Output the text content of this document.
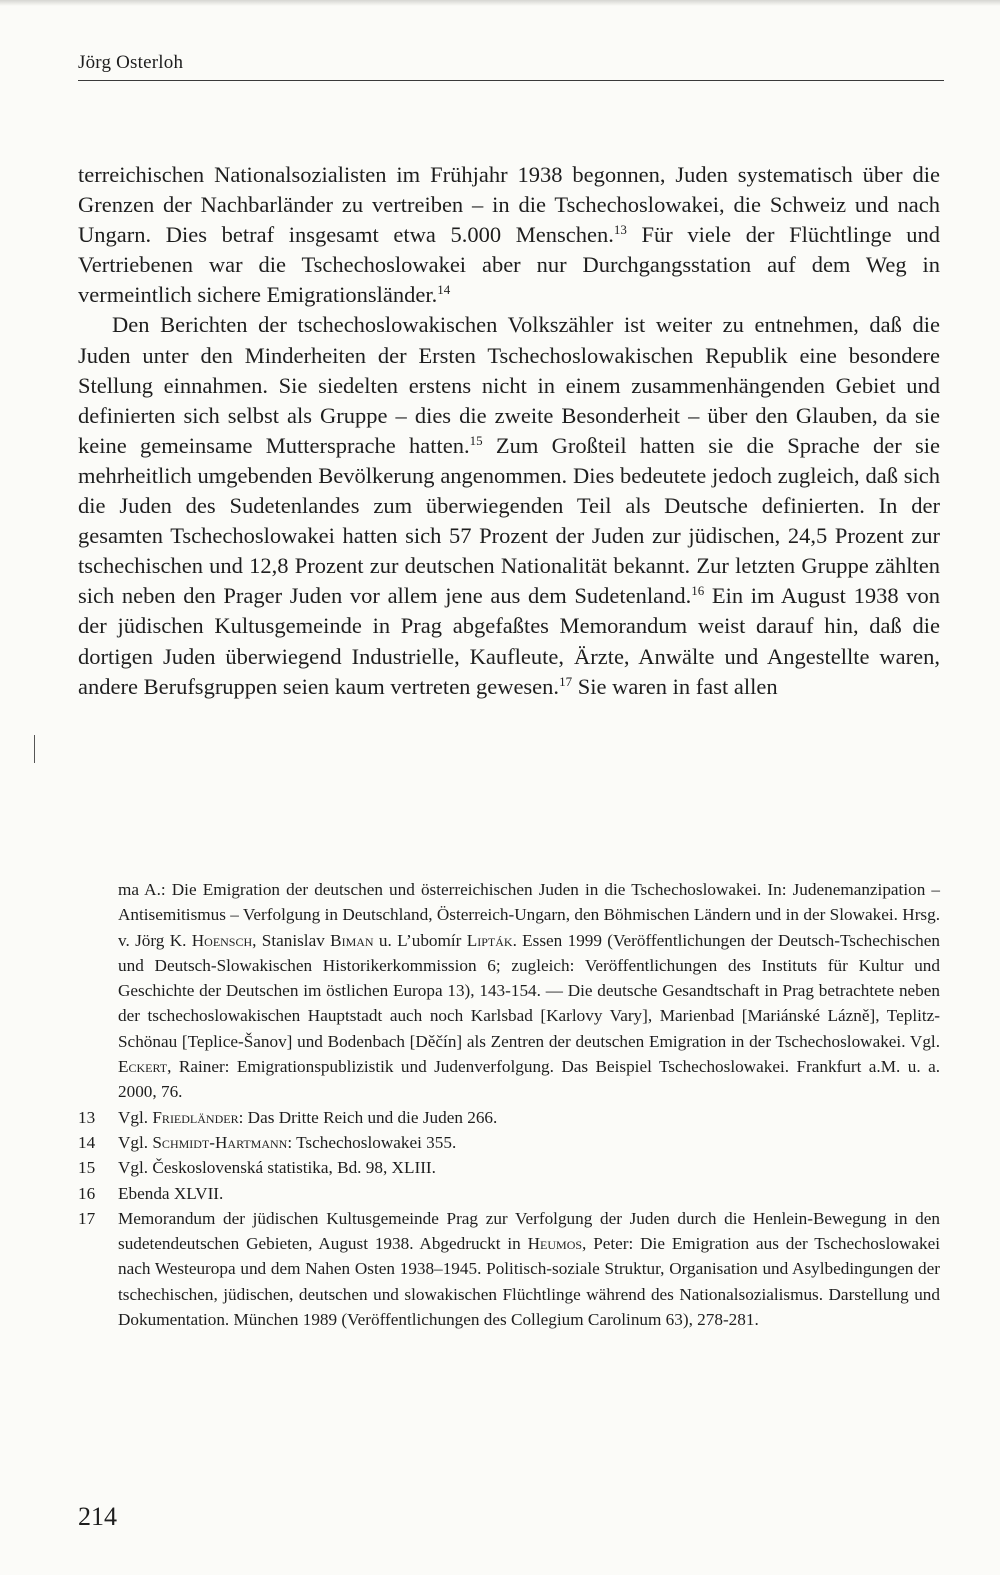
Jörg Osterloh

terreichischen Nationalsozialisten im Frühjahr 1938 begonnen, Juden systematisch über die Grenzen der Nachbarländer zu vertreiben – in die Tschechoslowakei, die Schweiz und nach Ungarn. Dies betraf insgesamt etwa 5.000 Menschen.$^{13}$ Für viele der Flüchtlinge und Vertriebenen war die Tschechoslowakei aber nur Durchgangsstation auf dem Weg in vermeintlich sichere Emigrationsländer.$^{14}$

Den Berichten der tschechoslowakischen Volkszähler ist weiter zu entnehmen, daß die Juden unter den Minderheiten der Ersten Tschechoslowakischen Republik eine besondere Stellung einnahmen. Sie siedelten erstens nicht in einem zusammenhängenden Gebiet und definierten sich selbst als Gruppe – dies die zweite Besonderheit – über den Glauben, da sie keine gemeinsame Muttersprache hatten.$^{15}$ Zum Großteil hatten sie die Sprache der sie mehrheitlich umgebenden Bevölkerung angenommen. Dies bedeutete jedoch zugleich, daß sich die Juden des Sudetenlandes zum überwiegenden Teil als Deutsche definierten. In der gesamten Tschechoslowakei hatten sich 57 Prozent der Juden zur jüdischen, 24,5 Prozent zur tschechischen und 12,8 Prozent zur deutschen Nationalität bekannt. Zur letzten Gruppe zählten sich neben den Prager Juden vor allem jene aus dem Sudetenland.$^{16}$ Ein im August 1938 von der jüdischen Kultusgemeinde in Prag abgefaßtes Memorandum weist darauf hin, daß die dortigen Juden überwiegend Industrielle, Kaufleute, Ärzte, Anwälte und Angestellte waren, andere Berufsgruppen seien kaum vertreten gewesen.$^{17}$ Sie waren in fast allen

ma A.: Die Emigration der deutschen und österreichischen Juden in die Tschechoslowakei. In: Judenemanzipation – Antisemitismus – Verfolgung in Deutschland, Österreich-Ungarn, den Böhmischen Ländern und in der Slowakei. Hrsg. v. Jörg K. Hoensch, Stanislav Biman u. L’ubomír Lipták. Essen 1999 (Veröffentlichungen der Deutsch-Tschechischen und Deutsch-Slowakischen Historikerkommission 6; zugleich: Veröffentlichungen des Instituts für Kultur und Geschichte der Deutschen im östlichen Europa 13), 143-154. — Die deutsche Gesandtschaft in Prag betrachtete neben der tschechoslowakischen Hauptstadt auch noch Karlsbad [Karlovy Vary], Marienbad [Mariánské Lázně], Teplitz-Schönau [Teplice-Šanov] und Bodenbach [Děčín] als Zentren der deutschen Emigration in der Tschechoslowakei. Vgl. Eckert, Rainer: Emigrationspublizistik und Judenverfolgung. Das Beispiel Tschechoslowakei. Frankfurt a.M. u. a. 2000, 76.
13	Vgl. Friedländer: Das Dritte Reich und die Juden 266.
14	Vgl. Schmidt-Hartmann: Tschechoslowakei 355.
15	Vgl. Československá statistika, Bd. 98, XLIII.
16	Ebenda XLVII.
17	Memorandum der jüdischen Kultusgemeinde Prag zur Verfolgung der Juden durch die Henlein-Bewegung in den sudetendeutschen Gebieten, August 1938. Abgedruckt in Heumos, Peter: Die Emigration aus der Tschechoslowakei nach Westeuropa und dem Nahen Osten 1938–1945. Politisch-soziale Struktur, Organisation und Asylbedingungen der tschechischen, jüdischen, deutschen und slowakischen Flüchtlinge während des Nationalsozialismus. Darstellung und Dokumentation. München 1989 (Veröffentlichungen des Collegium Carolinum 63), 278-281.
214
